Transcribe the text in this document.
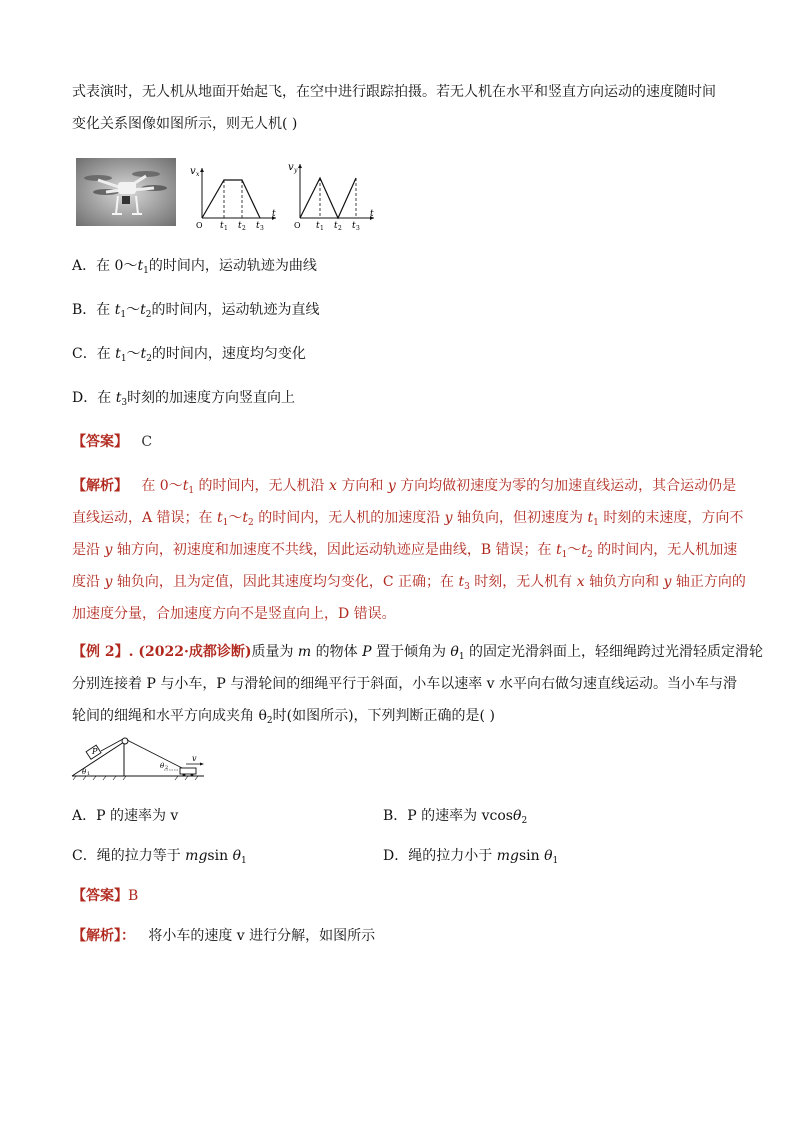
式表演时，无人机从地面开始起飞，在空中进行跟踪拍摄。若无人机在水平和竖直方向运动的速度随时间
变化关系图像如图所示，则无人机( )
v x
t
O t 1 t 2 t 3
v y
t
O t 1 t 2 t 3
A．在 $0\sim t_1$的时间内，运动轨迹为曲线
B．在 $t_1\sim t_2$的时间内，运动轨迹为直线
C．在 $t_1\sim t_2$的时间内，速度均匀变化
D．在 $t_3$时刻的加速度方向竖直向上
【答案】 C
【解析】   在 $0\sim t_1$ 的时间内，无人机沿 x 方向和 y 方向均做初速度为零的匀加速直线运动，其合运动仍是
直线运动，A 错误；在 $t_1\sim t_2$ 的时间内，无人机的加速度沿 y 轴负向，但初速度为 $t_1$ 时刻的末速度，方向不
是沿 y 轴方向，初速度和加速度不共线，因此运动轨迹应是曲线，B 错误；在 $t_1\sim t_2$ 的时间内，无人机加速
度沿 y 轴负向，且为定值，因此其速度均匀变化，C 正确；在 $t_3$ 时刻，无人机有 x 轴负方向和 y 轴正方向的
加速度分量，合加速度方向不是竖直向上，D 错误。
【例 2】. (2022·成都诊断)质量为 m 的物体 P 置于倾角为 $\theta_1$ 的固定光滑斜面上，轻细绳跨过光滑轻质定滑轮
分别连接着 P 与小车，P 与滑轮间的细绳平行于斜面，小车以速率 v 水平向右做匀速直线运动。当小车与滑
轮间的细绳和水平方向成夹角 $\theta_2$时(如图所示)，下列判断正确的是( )
P
v
θ 1
θ 2
A．P 的速率为 v	B．P 的速率为 vcosθ$_2$
C．绳的拉力等于 mgsin $\theta_1$	D．绳的拉力小于 mgsin $\theta_1$
【答案】B
【解析】： 将小车的速度 v 进行分解，如图所示
